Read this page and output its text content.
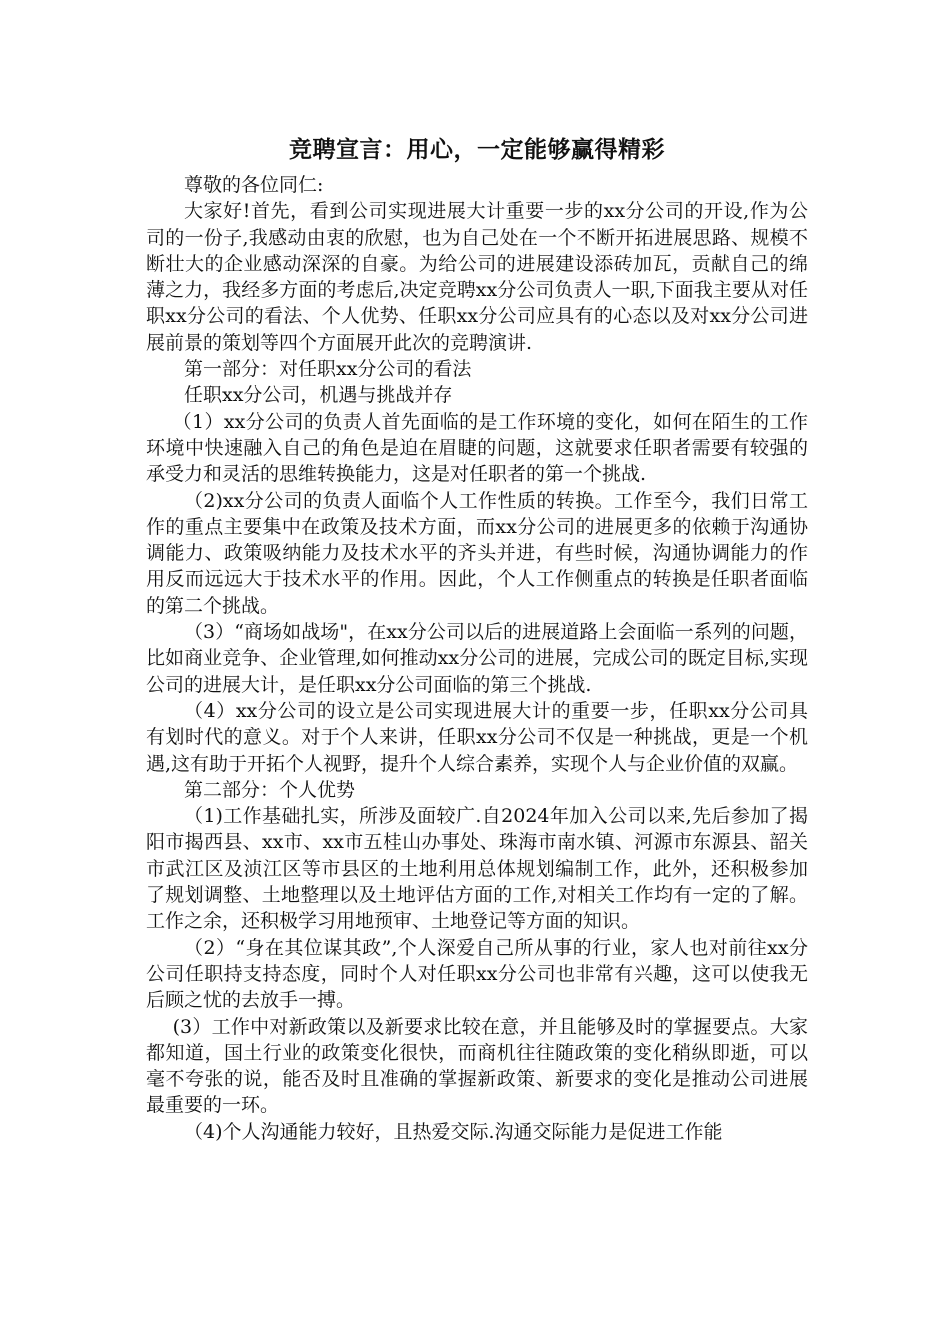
竞聘宣言：用心，一定能够赢得精彩

尊敬的各位同仁:

大家好!首先，看到公司实现进展大计重要一步的xx分公司的开设,作为公司的一份子,我感动由衷的欣慰，也为自己处在一个不断开拓进展思路、规模不断壮大的企业感动深深的自豪。为给公司的进展建设添砖加瓦，贡献自己的绵薄之力，我经多方面的考虑后,决定竞聘xx分公司负责人一职,下面我主要从对任职xx分公司的看法、个人优势、任职xx分公司应具有的心态以及对xx分公司进展前景的策划等四个方面展开此次的竞聘演讲.

第一部分：对任职xx分公司的看法

任职xx分公司，机遇与挑战并存

（1）xx分公司的负责人首先面临的是工作环境的变化，如何在陌生的工作环境中快速融入自己的角色是迫在眉睫的问题，这就要求任职者需要有较强的承受力和灵活的思维转换能力，这是对任职者的第一个挑战.

（2)xx分公司的负责人面临个人工作性质的转换。工作至今，我们日常工作的重点主要集中在政策及技术方面，而xx分公司的进展更多的依赖于沟通协调能力、政策吸纳能力及技术水平的齐头并进，有些时候，沟通协调能力的作用反而远远大于技术水平的作用。因此，个人工作侧重点的转换是任职者面临的第二个挑战。

（3）“商场如战场"，在xx分公司以后的进展道路上会面临一系列的问题，比如商业竞争、企业管理,如何推动xx分公司的进展，完成公司的既定目标,实现公司的进展大计，是任职xx分公司面临的第三个挑战.

（4）xx分公司的设立是公司实现进展大计的重要一步，任职xx分公司具有划时代的意义。对于个人来讲，任职xx分公司不仅是一种挑战，更是一个机遇,这有助于开拓个人视野，提升个人综合素养，实现个人与企业价值的双赢。

第二部分：个人优势

（1)工作基础扎实，所涉及面较广.自2024年加入公司以来,先后参加了揭阳市揭西县、xx市、xx市五桂山办事处、珠海市南水镇、河源市东源县、韶关市武江区及浈江区等市县区的土地利用总体规划编制工作，此外，还积极参加了规划调整、土地整理以及土地评估方面的工作,对相关工作均有一定的了解。工作之余，还积极学习用地预审、土地登记等方面的知识。

（2）“身在其位谋其政”,个人深爱自己所从事的行业，家人也对前往xx分公司任职持支持态度，同时个人对任职xx分公司也非常有兴趣，这可以使我无后顾之忧的去放手一搏。

(3）工作中对新政策以及新要求比较在意，并且能够及时的掌握要点。大家都知道，国土行业的政策变化很快，而商机往往随政策的变化稍纵即逝，可以毫不夸张的说，能否及时且准确的掌握新政策、新要求的变化是推动公司进展最重要的一环。

（4)个人沟通能力较好，且热爱交际.沟通交际能力是促进工作能
